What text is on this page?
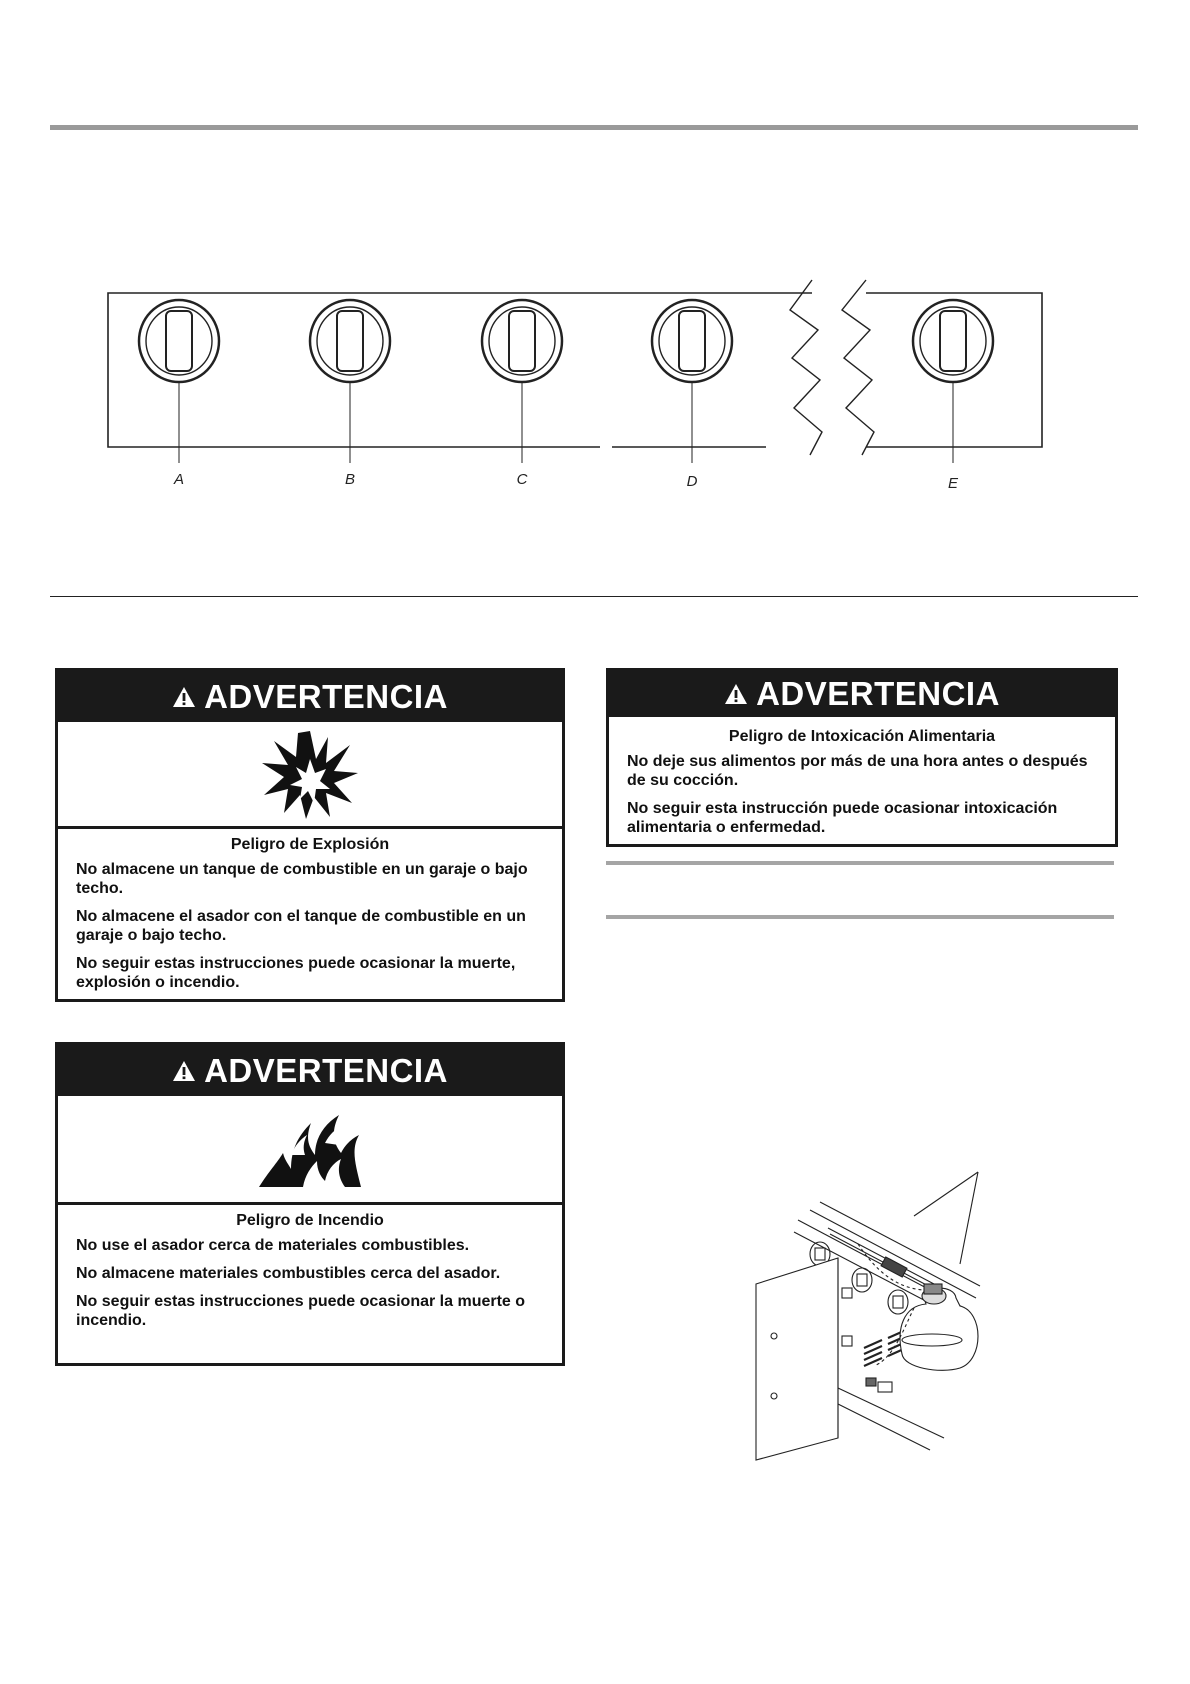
A	B	C	D	E
ADVERTENCIA
Peligro de Explosión

No almacene un tanque de combustible en un garaje o bajo techo.

No almacene el asador con el tanque de combustible en un garaje o bajo techo.

No seguir estas instrucciones puede ocasionar la muerte, explosión o incendio.

ADVERTENCIA
Peligro de Incendio

No use el asador cerca de materiales combustibles.

No almacene materiales combustibles cerca del asador.

No seguir estas instrucciones puede ocasionar la muerte o incendio.

ADVERTENCIA
Peligro de Intoxicación Alimentaria

No deje sus alimentos por más de una hora antes o después de su cocción.

No seguir esta instrucción puede ocasionar intoxicación alimentaria o enfermedad.
